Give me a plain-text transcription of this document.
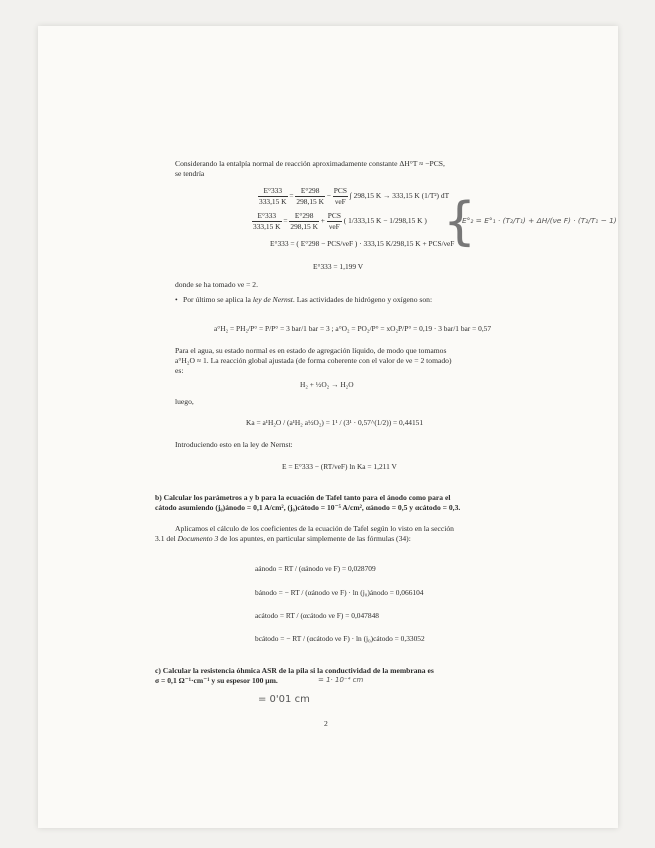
Considerando la entalpía normal de reacción aproximadamente constante ΔH°T ≈ −PCS,
se tendría
$\frac{E^\circ 333}{333,15 K} = \frac{E^\circ 298}{298,15 K} - \frac{\text{PCS}}{\text{νeF}}$ ∫ 298,15 K → 333,15 K (1/T²) dT
$\frac{E^\circ 333}{333,15 K} = \frac{E^\circ 298}{298,15 K} + \frac{\text{PCS}}{\text{νeF}}$ ( 1/333,15 K − 1/298,15 K )
E°333 = ( E°298 − PCS/νeF ) · 333,15 K/298,15 K + PCS/νeF
E°333 = 1,199 V
{
E°₂ = E°₁ · (T₂/T₁) + ΔH/(νe F) · (T₂/T₁ − 1)
donde se ha tomado νe = 2.
• Por último se aplica la ley de Nernst. Las actividades de hidrógeno y oxígeno son:
a°H₂ = PH₂/P° = P/P° = 3 bar/1 bar = 3 ; a°O₂ = PO₂/P° = xO₂P/P° = 0,19 · 3 bar/1 bar = 0,57
Para el agua, su estado normal es en estado de agregación líquido, de modo que tomamos
a°H₂O ≈ 1. La reacción global ajustada (de forma coherente con el valor de νe = 2 tomado)
es:
H₂ + ½O₂ → H₂O
luego,
Ka = a¹H₂O / (a¹H₂ a½O₂) = 1¹ / (3¹ · 0,57^(1/2)) = 0,44151
Introduciendo esto en la ley de Nernst:
E = E°333 − (RT/νeF) ln Ka = 1,211 V
b) Calcular los parámetros a y b para la ecuación de Tafel tanto para el ánodo como para el
cátodo asumiendo (j₀)ánodo = 0,1 A/cm², (j₀)cátodo = 10⁻⁵ A/cm², αánodo = 0,5 y αcátodo = 0,3.
Aplicamos el cálculo de los coeficientes de la ecuación de Tafel según lo visto en la sección
3.1 del Documento 3 de los apuntes, en particular simplemente de las fórmulas (34):
aánodo = RT / (αánodo νe F) = 0,028709
bánodo = − RT / (αánodo νe F) · ln (j₀)ánodo = 0,066104
acátodo = RT / (αcátodo νe F) = 0,047848
bcátodo = − RT / (αcátodo νe F) · ln (j₀)cátodo = 0,33052
c) Calcular la resistencia óhmica ASR de la pila si la conductividad de la membrana es
σ = 0,1 Ω⁻¹·cm⁻¹ y su espesor 100 μm.	= 1· 10⁻⁴ cm
= 0'01 cm
2
